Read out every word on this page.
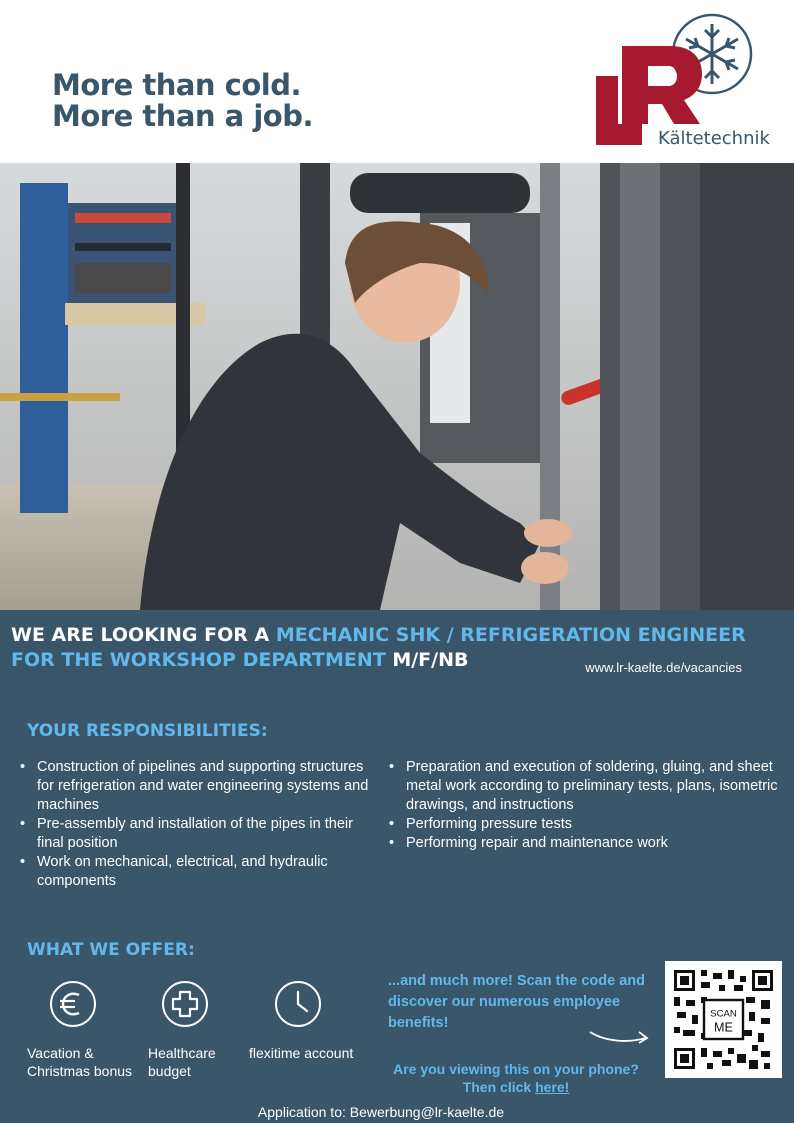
More than cold.
More than a job.
Kältetechnik
WE ARE LOOKING FOR A MECHANIC SHK / REFRIGERATION ENGINEER
FOR THE WORKSHOP DEPARTMENT M/F/NB	www.lr-kaelte.de/vacancies
YOUR RESPONSIBILITIES:
• Construction of pipelines and supporting structures for refrigeration and water engineering systems and machines
• Pre-assembly and installation of the pipes in their final position
• Work on mechanical, electrical, and hydraulic components
• Preparation and execution of soldering, gluing, and sheet metal work according to preliminary tests, plans, isometric drawings, and instructions
• Performing pressure tests
• Performing repair and maintenance work
WHAT WE OFFER:
Vacation & Christmas bonus
Healthcare budget
flexitime account
...and much more! Scan the code and discover our numerous employee benefits!
SCAN
ME
Are you viewing this on your phone?
Then click here!
Application to: Bewerbung@lr-kaelte.de
